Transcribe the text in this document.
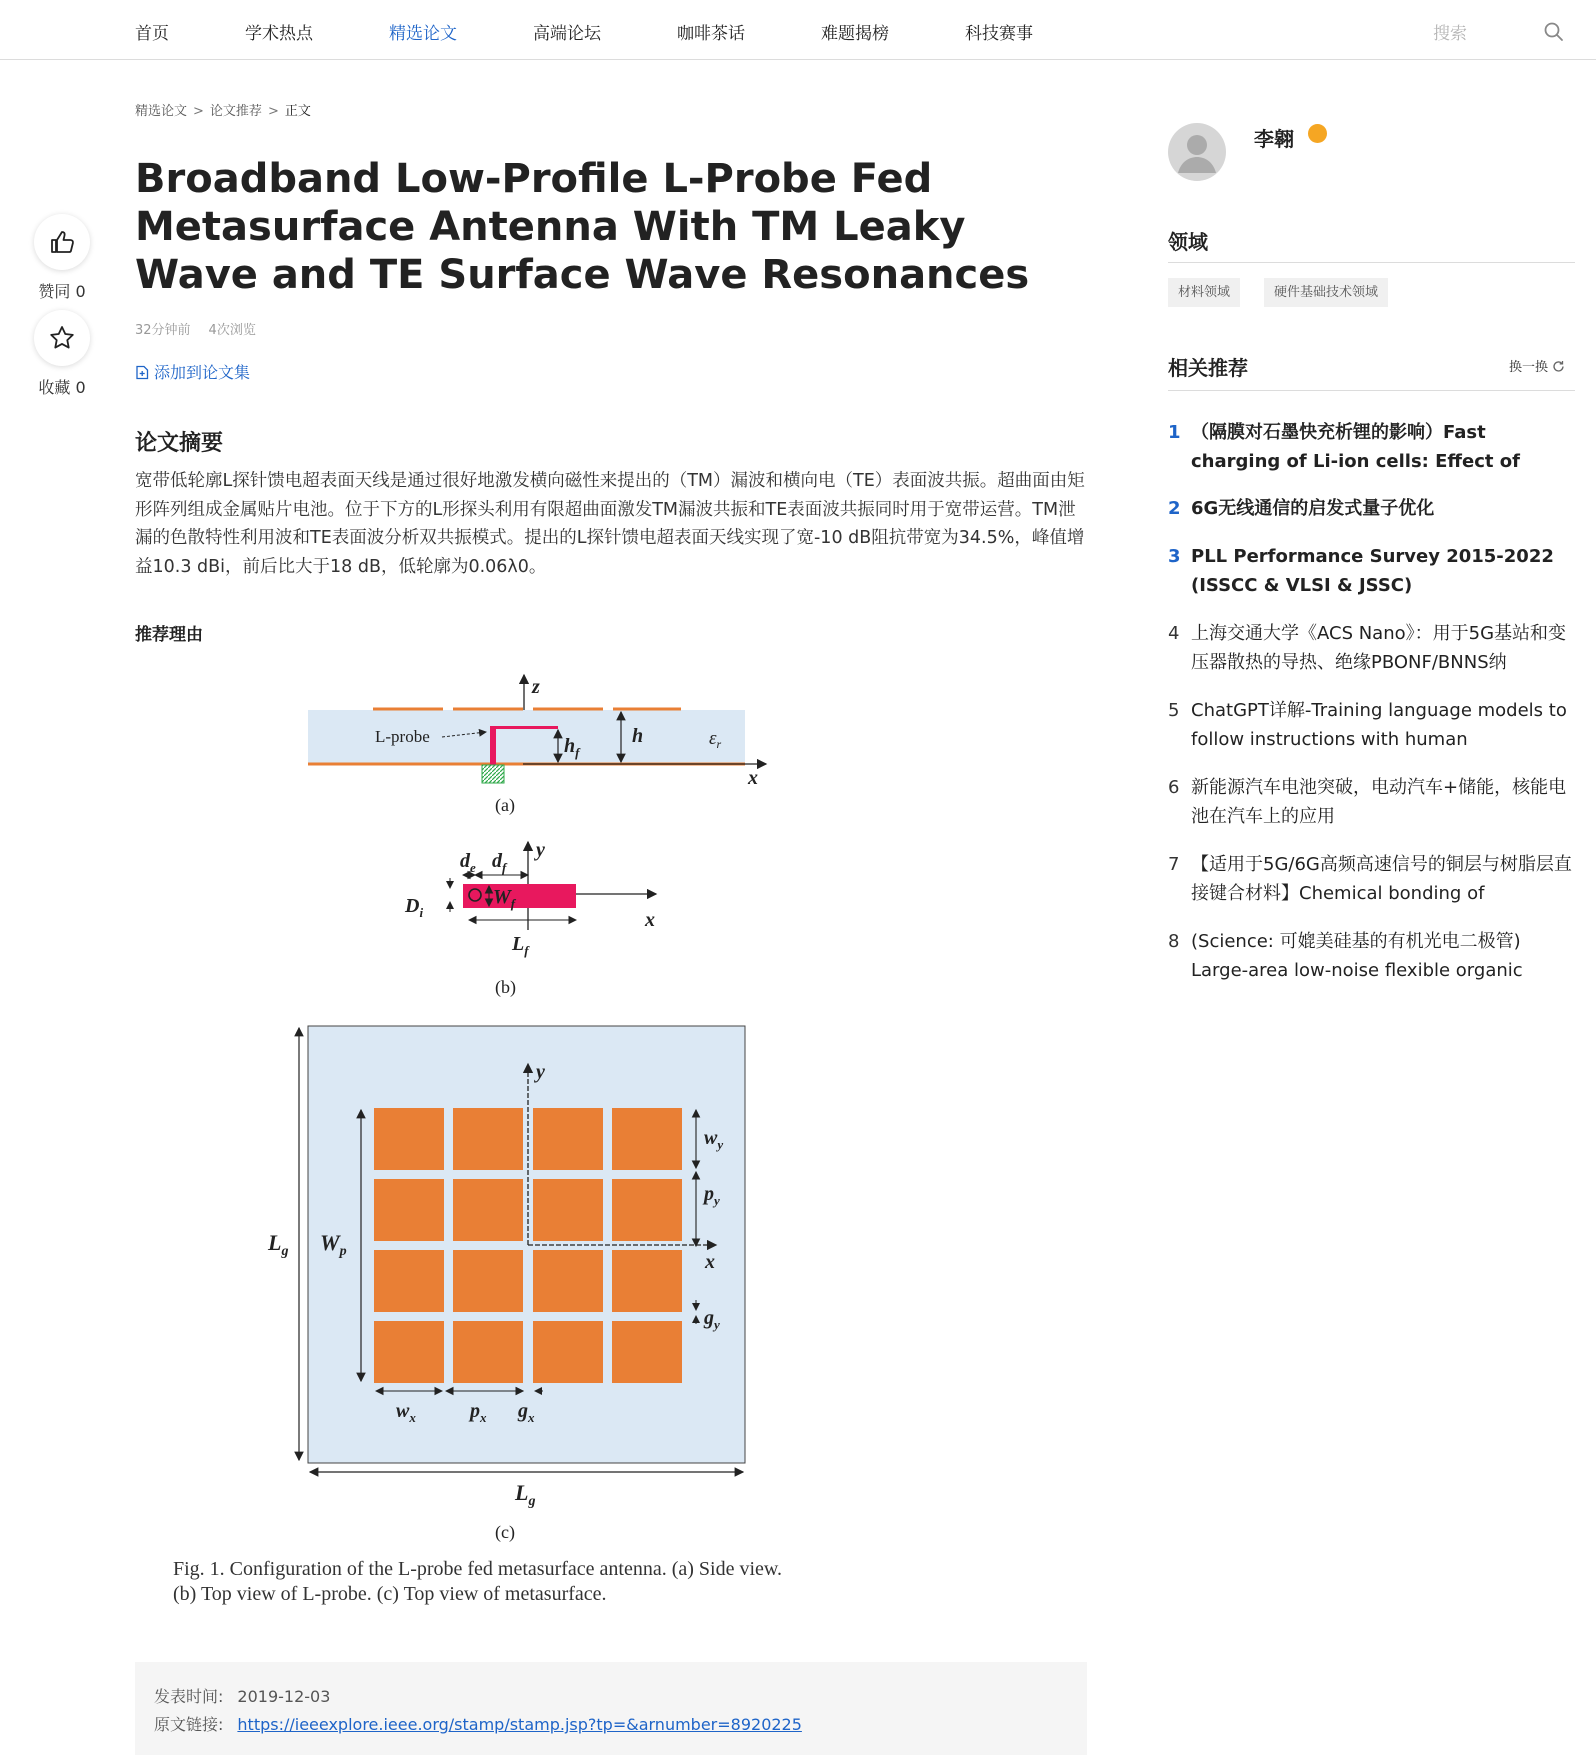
首页	学术热点	精选论文	高端论坛	咖啡茶话	难题揭榜	科技赛事	搜索
精选论文 > 论文推荐 > 正文
赞同 0
收藏 0
Broadband Low-Profile L-Probe Fed Metasurface Antenna With TM Leaky Wave and TE Surface Wave Resonances
32分钟前 4次浏览
添加到论文集
论文摘要

宽带低轮廓L探针馈电超表面天线是通过很好地激发横向磁性来提出的（TM）漏波和横向电（TE）表面波共振。超曲面由矩形阵列组成金属贴片电池。位于下方的L形探头利用有限超曲面激发TM漏波共振和TE表面波共振同时用于宽带运营。TM泄漏的色散特性利用波和TE表面波分析双共振模式。提出的L探针馈电超表面天线实现了宽-10 dB阻抗带宽为34.5%，峰值增益10.3 dBi，前后比大于18 dB，低轮廓为0.06λ0。

推荐理由
z
x
L-probe	$h_f$
h	$\varepsilon_r$
(a)
y
x
$d_e$ $d_f$
$W_f$
$L_f$
$D_i$
(b)
y
x
$L_g$
$L_g$
$W_p$
$w_y$
$p_y$
$g_y$
$w_x$	$p_x$ $g_x$
(c)

Fig. 1. Configuration of the L-probe fed metasurface antenna. (a) Side view.
(b) Top view of L-probe. (c) Top view of metasurface.

发表时间: 2019-12-03
原文链接: https://ieeexplore.ieee.org/stamp/stamp.jsp?tp=&arnumber=8920225
李翱
领域
材料领域	硬件基础技术领域
相关推荐	换一换
1 （隔膜对石墨快充析锂的影响）Fast charging of Li-ion cells: Effect of
2 6G无线通信的启发式量子优化
3 PLL Performance Survey 2015-2022 (ISSCC & VLSI & JSSC)
4 上海交通大学《ACS Nano》：用于5G基站和变压器散热的导热、绝缘PBONF/BNNS纳
5 ChatGPT详解-Training language models to follow instructions with human
6 新能源汽车电池突破，电动汽车+储能，核能电池在汽车上的应用
7 【适用于5G/6G高频高速信号的铜层与树脂层直接键合材料】Chemical bonding of
8 (Science: 可媲美硅基的有机光电二极管) Large-area low-noise flexible organic
